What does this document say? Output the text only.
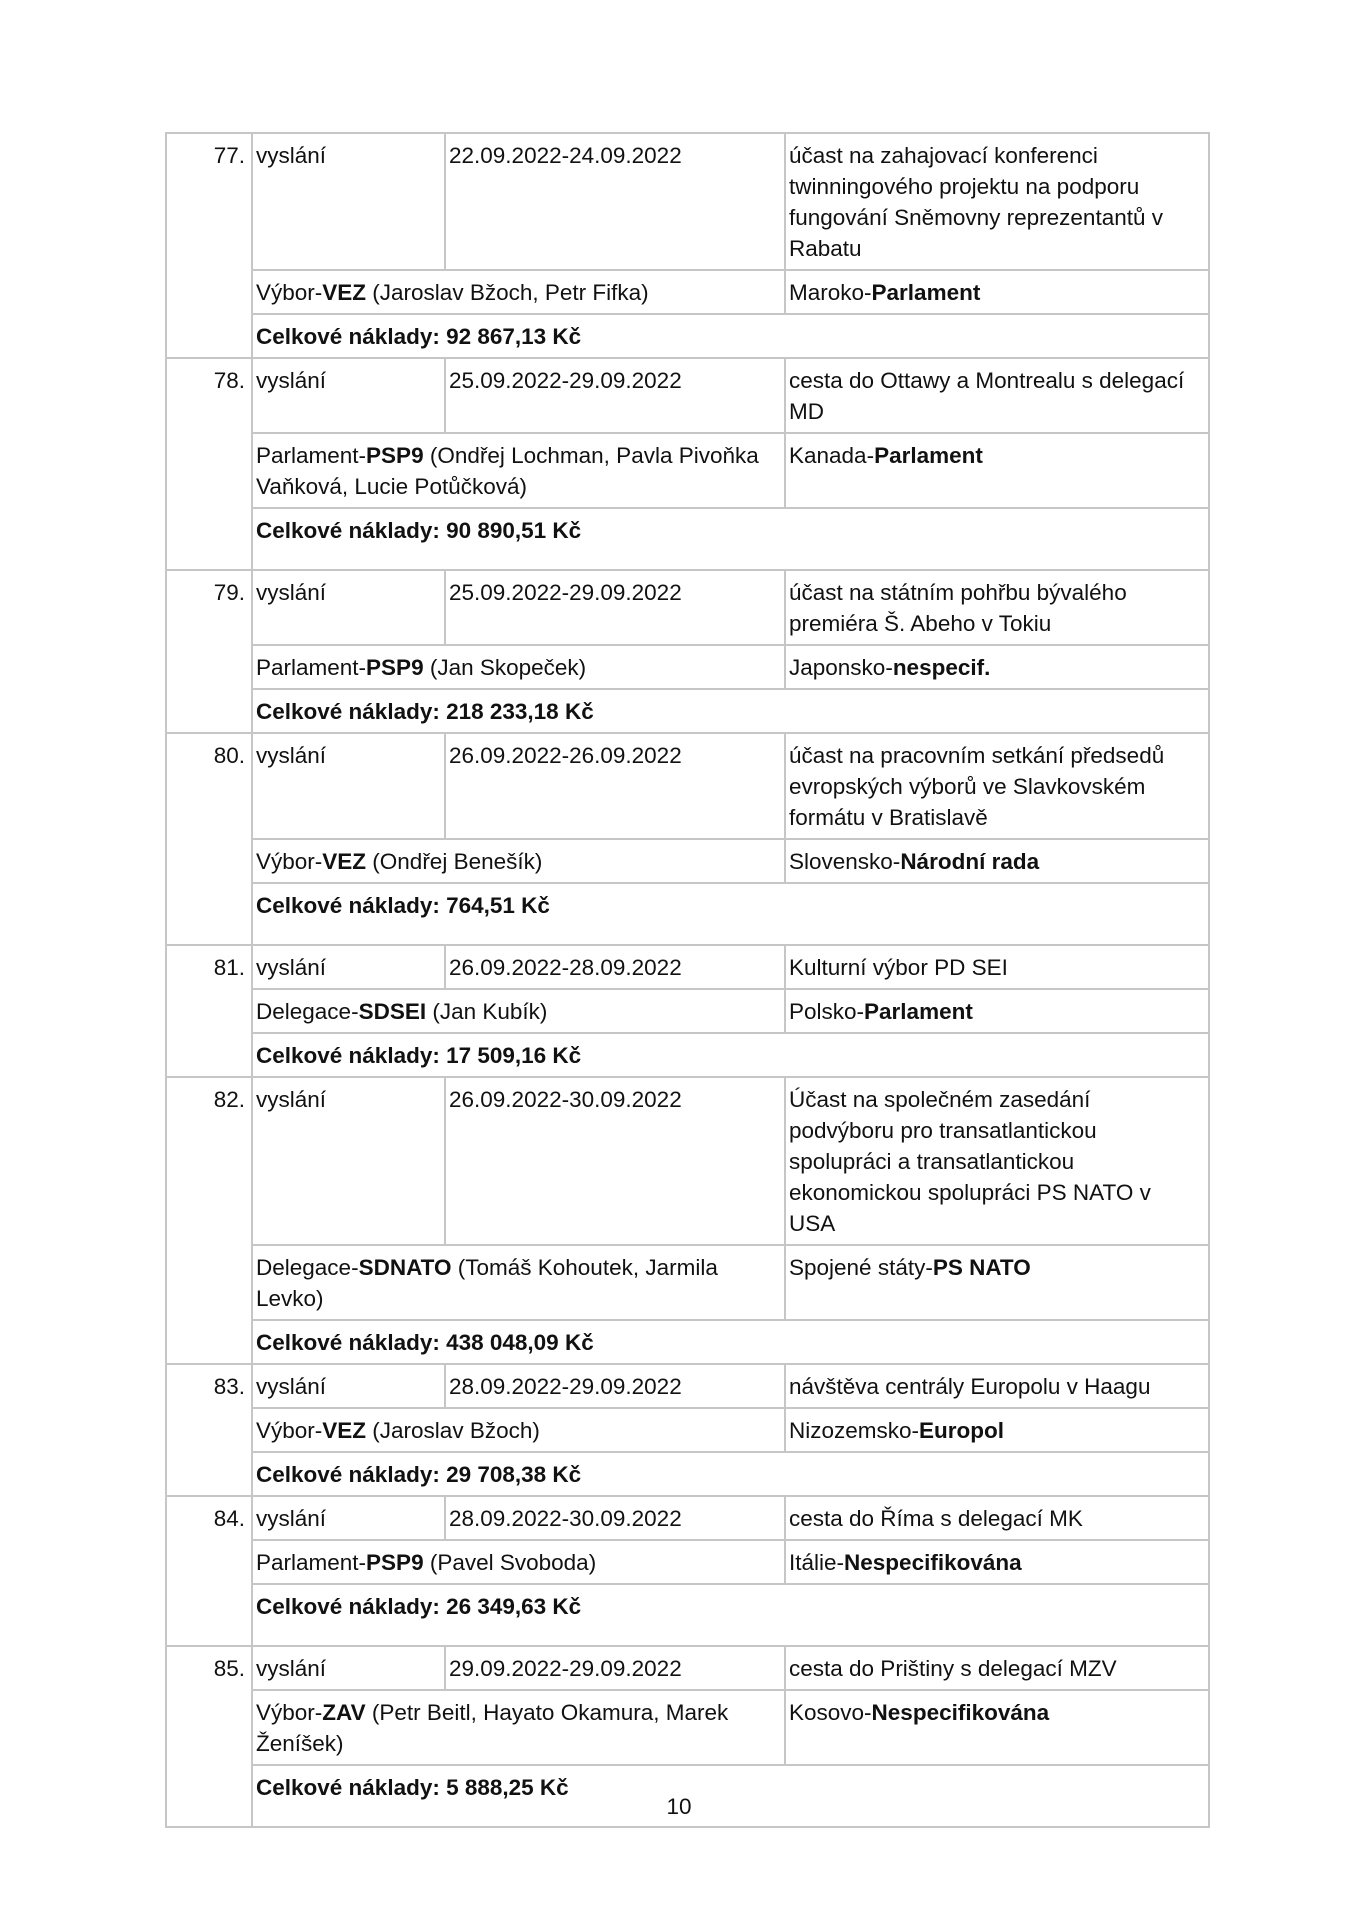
77.	vyslání	22.09.2022-24.09.2022	účast na zahajovací konferenci twinningového projektu na podporu fungování Sněmovny reprezentantů v Rabatu
	Výbor-VEZ (Jaroslav Bžoch, Petr Fifka)		Maroko-Parlament
	Celkové náklady: 92 867,13 Kč		
78.	vyslání	25.09.2022-29.09.2022	cesta do Ottawy a Montrealu s delegací MD
	Parlament-PSP9 (Ondřej Lochman, Pavla Pivoňka Vaňková, Lucie Potůčková)		Kanada-Parlament
	Celkové náklady: 90 890,51 Kč		
79.	vyslání	25.09.2022-29.09.2022	účast na státním pohřbu bývalého premiéra Š. Abeho v Tokiu
	Parlament-PSP9 (Jan Skopeček)		Japonsko-nespecif.
	Celkové náklady: 218 233,18 Kč		
80.	vyslání	26.09.2022-26.09.2022	účast na pracovním setkání předsedů evropských výborů ve Slavkovském formátu v Bratislavě
	Výbor-VEZ (Ondřej Benešík)		Slovensko-Národní rada
	Celkové náklady: 764,51 Kč		
81.	vyslání	26.09.2022-28.09.2022	Kulturní výbor PD SEI
	Delegace-SDSEI (Jan Kubík)		Polsko-Parlament
	Celkové náklady: 17 509,16 Kč		
82.	vyslání	26.09.2022-30.09.2022	Účast na společném zasedání podvýboru pro transatlantickou spolupráci a transatlantickou ekonomickou spolupráci PS NATO v USA
	Delegace-SDNATO (Tomáš Kohoutek, Jarmila Levko)		Spojené státy-PS NATO
	Celkové náklady: 438 048,09 Kč		
83.	vyslání	28.09.2022-29.09.2022	návštěva centrály Europolu v Haagu
	Výbor-VEZ (Jaroslav Bžoch)		Nizozemsko-Europol
	Celkové náklady: 29 708,38 Kč		
84.	vyslání	28.09.2022-30.09.2022	cesta do Říma s delegací MK
	Parlament-PSP9 (Pavel Svoboda)		Itálie-Nespecifikována
	Celkové náklady: 26 349,63 Kč		
85.	vyslání	29.09.2022-29.09.2022	cesta do Prištiny s delegací MZV
	Výbor-ZAV (Petr Beitl, Hayato Okamura, Marek Ženíšek)		Kosovo-Nespecifikována
	Celkové náklady: 5 888,25 Kč		
10
